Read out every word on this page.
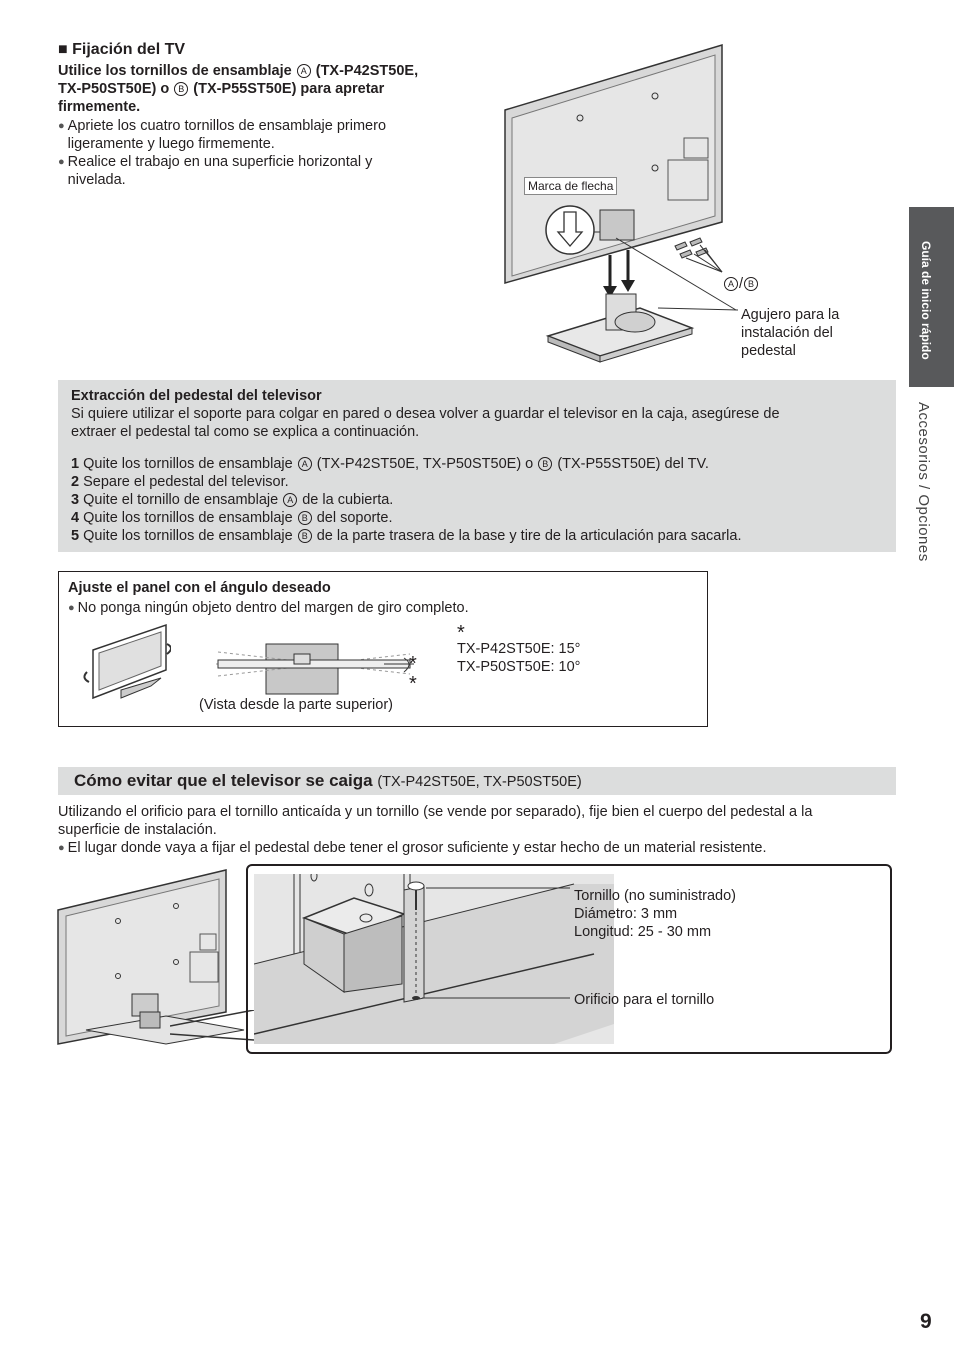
■ Fijación del TV
Utilice los tornillos de ensamblaje A (TX-P42ST50E,
TX-P50ST50E) o B (TX-P55ST50E) para apretar
firmemente.
● Apriete los cuatro tornillos de ensamblaje primero
ligeramente y luego firmemente.
● Realice el trabajo en una superficie horizontal y
nivelada.	Marca de flecha
A / B
Agujero para la
instalación del
pedestal
Extracción del pedestal del televisor
Si quiere utilizar el soporte para colgar en pared o desea volver a guardar el televisor en la caja, asegúrese de
extraer el pedestal tal como se explica a continuación.
1 Quite los tornillos de ensamblaje A (TX-P42ST50E, TX-P50ST50E) o B (TX-P55ST50E) del TV.
2 Separe el pedestal del televisor.
3 Quite el tornillo de ensamblaje A de la cubierta.
4 Quite los tornillos de ensamblaje B del soporte.
5 Quite los tornillos de ensamblaje B de la parte trasera de la base y tire de la articulación para sacarla.
Ajuste el panel con el ángulo deseado
● No ponga ningún objeto dentro del margen de giro completo.
*
*
(Vista desde la parte superior)
*
TX-P42ST50E: 15°
TX-P50ST50E: 10°
Cómo evitar que el televisor se caiga (TX-P42ST50E, TX-P50ST50E)
Utilizando el orificio para el tornillo anticaída y un tornillo (se vende por separado), fije bien el cuerpo del pedestal a la
superficie de instalación.
● El lugar donde vaya a fijar el pedestal debe tener el grosor suficiente y estar hecho de un material resistente.
Tornillo (no suministrado)
Diámetro: 3 mm
Longitud: 25 - 30 mm
Orificio para el tornillo
Guía de inicio rápido
Accesorios / Opciones
9
